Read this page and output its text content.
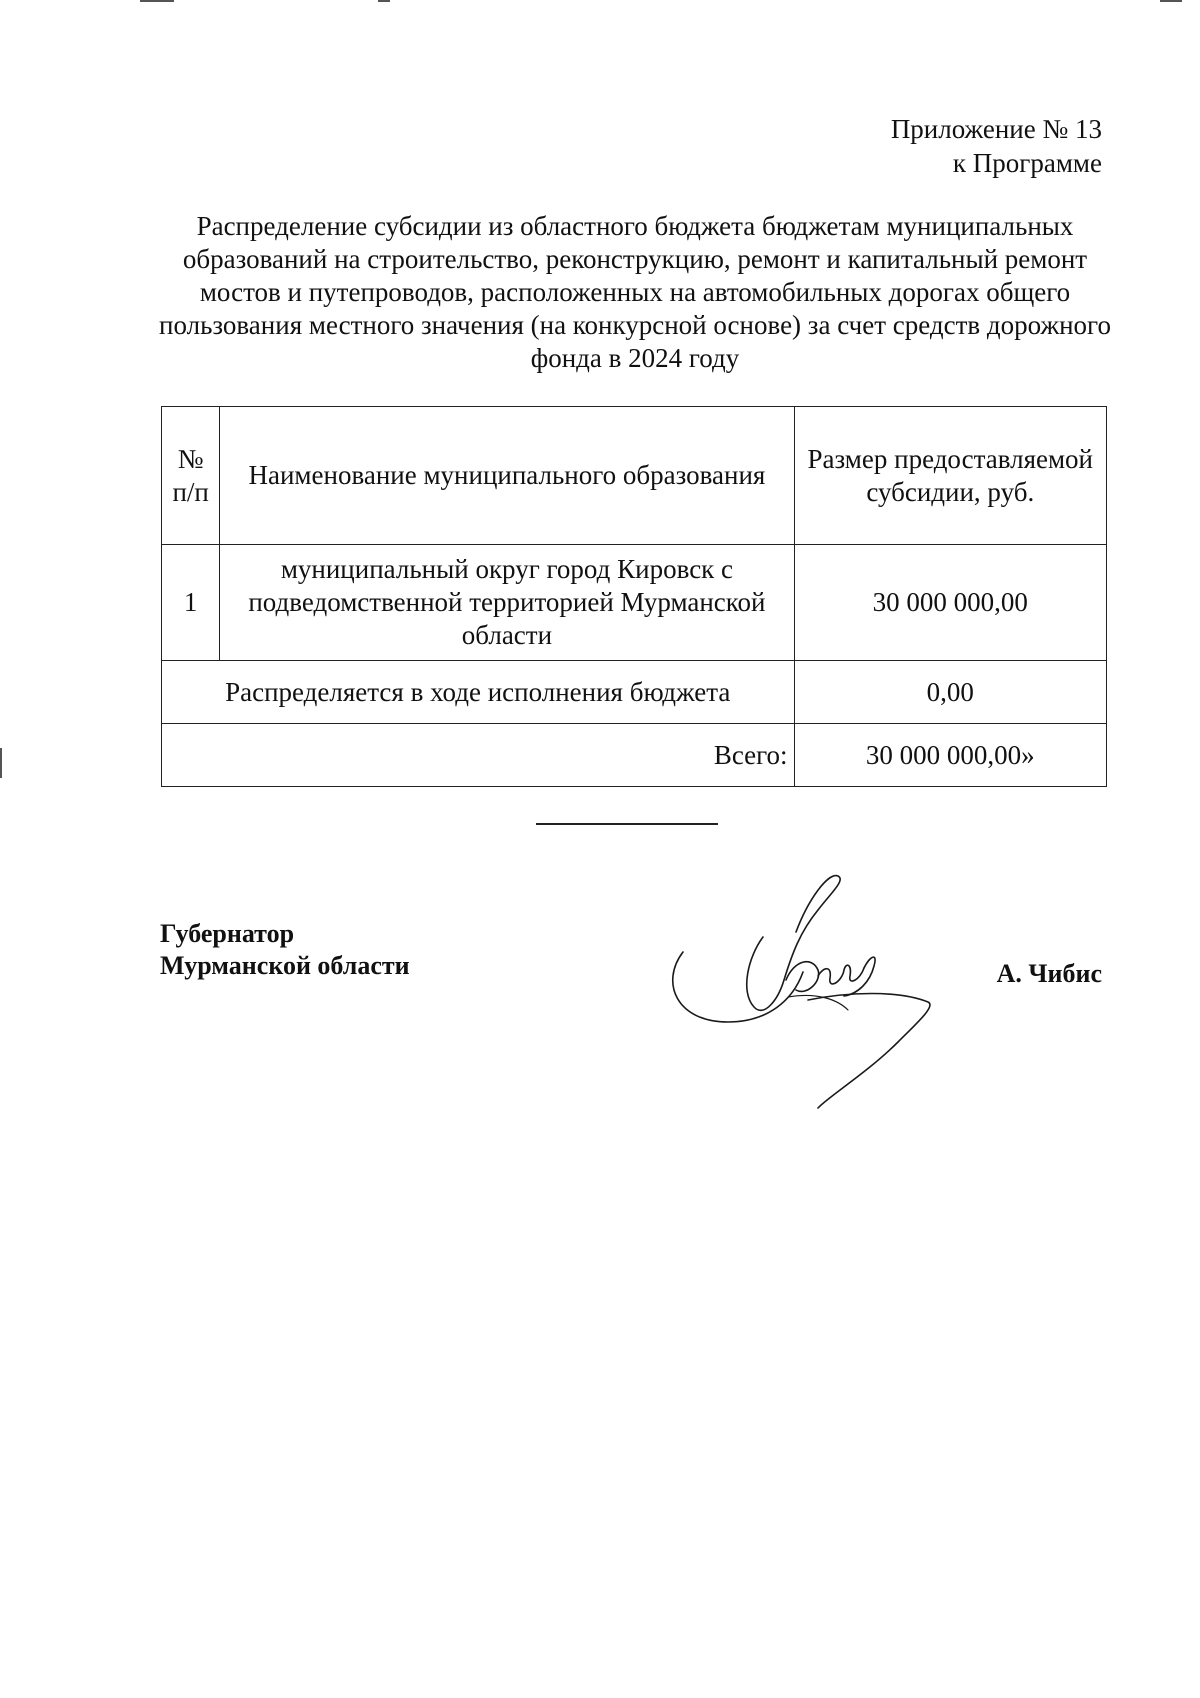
Приложение № 13
к Программе
Распределение субсидии из областного бюджета бюджетам муниципальных образований на строительство, реконструкцию, ремонт и капитальный ремонт мостов и путепроводов, расположенных на автомобильных дорогах общего пользования местного значения (на конкурсной основе) за счет средств дорожного фонда в 2024 году
№ п/п	Наименование муниципального образования	Размер предоставляемой субсидии, руб.
1	муниципальный округ город Кировск с подведомственной территорией Мурманской области	30 000 000,00
Распределяется в ходе исполнения бюджета		0,00
Всего:		30 000 000,00»
Губернатор
Мурманской области	А. Чибис
